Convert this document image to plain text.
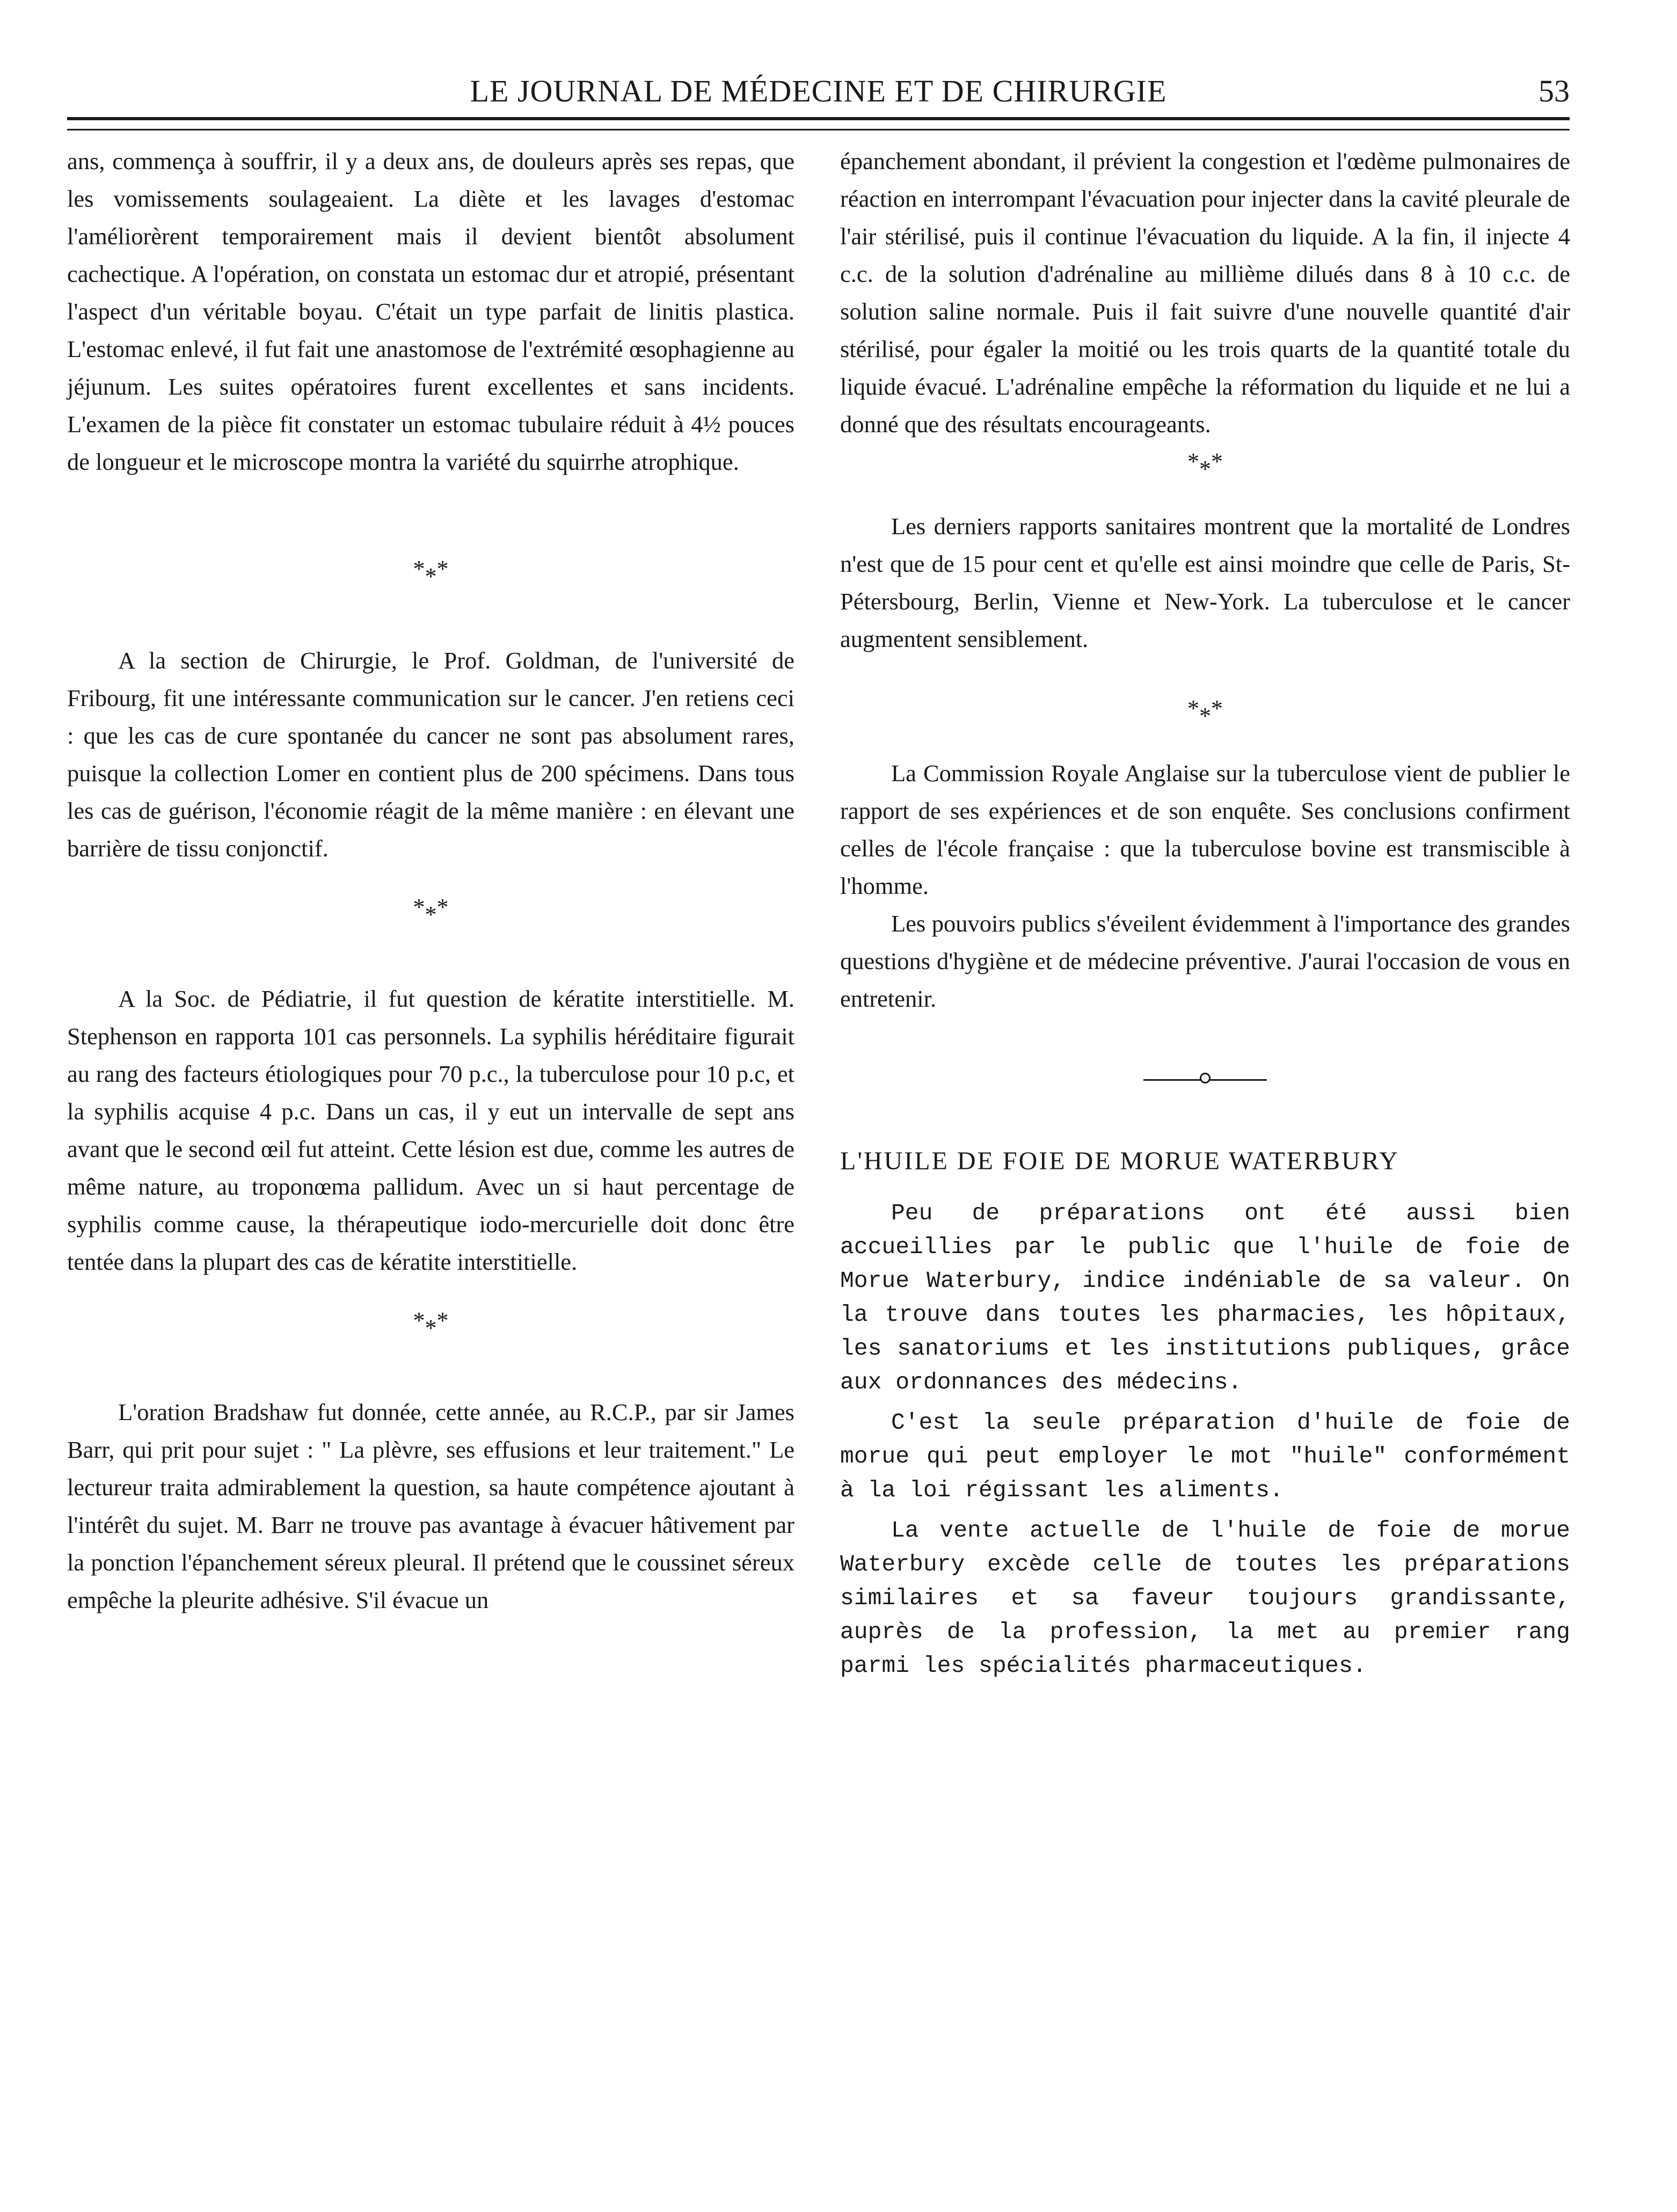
LE JOURNAL DE MÉDECINE ET DE CHIRURGIE	53

ans, commença à souffrir, il y a deux ans, de douleurs après ses repas, que les vomissements soulageaient. La diète et les lavages d'estomac l'améliorèrent temporairement mais il devient bientôt absolument cachectique. A l'opération, on constata un estomac dur et atropié, présentant l'aspect d'un véritable boyau. C'était un type parfait de linitis plastica. L'estomac enlevé, il fut fait une anastomose de l'extrémité œsophagienne au jéjunum. Les suites opératoires furent excellentes et sans incidents. L'examen de la pièce fit constater un estomac tubulaire réduit à 4½ pouces de longueur et le microscope montra la variété du squirrhe atrophique.

$*_**$

A la section de Chirurgie, le Prof. Goldman, de l'université de Fribourg, fit une intéressante communication sur le cancer. J'en retiens ceci : que les cas de cure spontanée du cancer ne sont pas absolument rares, puisque la collection Lomer en contient plus de 200 spécimens. Dans tous les cas de guérison, l'économie réagit de la même manière : en élevant une barrière de tissu conjonctif.

$*_**$

A la Soc. de Pédiatrie, il fut question de kératite interstitielle. M. Stephenson en rapporta 101 cas personnels. La syphilis héréditaire figurait au rang des facteurs étiologiques pour 70 p.c., la tuberculose pour 10 p.c, et la syphilis acquise 4 p.c. Dans un cas, il y eut un intervalle de sept ans avant que le second œil fut atteint. Cette lésion est due, comme les autres de même nature, au troponœma pallidum. Avec un si haut percentage de syphilis comme cause, la thérapeutique iodo-mercurielle doit donc être tentée dans la plupart des cas de kératite interstitielle.

$*_**$

L'oration Bradshaw fut donnée, cette année, au R.C.P., par sir James Barr, qui prit pour sujet : " La plèvre, ses effusions et leur traitement." Le lectureur traita admirablement la question, sa haute compétence ajoutant à l'intérêt du sujet. M. Barr ne trouve pas avantage à évacuer hâtivement par la ponction l'épanchement séreux pleural. Il prétend que le coussinet séreux empêche la pleurite adhésive. S'il évacue un

épanchement abondant, il prévient la congestion et l'œdème pulmonaires de réaction en interrompant l'évacuation pour injecter dans la cavité pleurale de l'air stérilisé, puis il continue l'évacuation du liquide. A la fin, il injecte 4 c.c. de la solution d'adrénaline au millième dilués dans 8 à 10 c.c. de solution saline normale. Puis il fait suivre d'une nouvelle quantité d'air stérilisé, pour égaler la moitié ou les trois quarts de la quantité totale du liquide évacué. L'adrénaline empêche la réformation du liquide et ne lui a donné que des résultats encourageants.

$*_**$

Les derniers rapports sanitaires montrent que la mortalité de Londres n'est que de 15 pour cent et qu'elle est ainsi moindre que celle de Paris, St-Pétersbourg, Berlin, Vienne et New-York. La tuberculose et le cancer augmentent sensiblement.

$*_**$

La Commission Royale Anglaise sur la tuberculose vient de publier le rapport de ses expériences et de son enquête. Ses conclusions confirment celles de l'école française : que la tuberculose bovine est transmiscible à l'homme.

Les pouvoirs publics s'éveilent évidemment à l'importance des grandes questions d'hygiène et de médecine préventive. J'aurai l'occasion de vous en entretenir.

L'HUILE DE FOIE DE MORUE WATERBURY

Peu de préparations ont été aussi bien accueillies par le public que l'huile de foie de Morue Waterbury, indice indéniable de sa valeur. On la trouve dans toutes les pharmacies, les hôpitaux, les sanatoriums et les institutions publiques, grâce aux ordonnances des médecins.

C'est la seule préparation d'huile de foie de morue qui peut employer le mot "huile" conformément à la loi régissant les aliments.

La vente actuelle de l'huile de foie de morue Waterbury excède celle de toutes les préparations similaires et sa faveur toujours grandissante, auprès de la profession, la met au premier rang parmi les spécialités pharmaceutiques.
